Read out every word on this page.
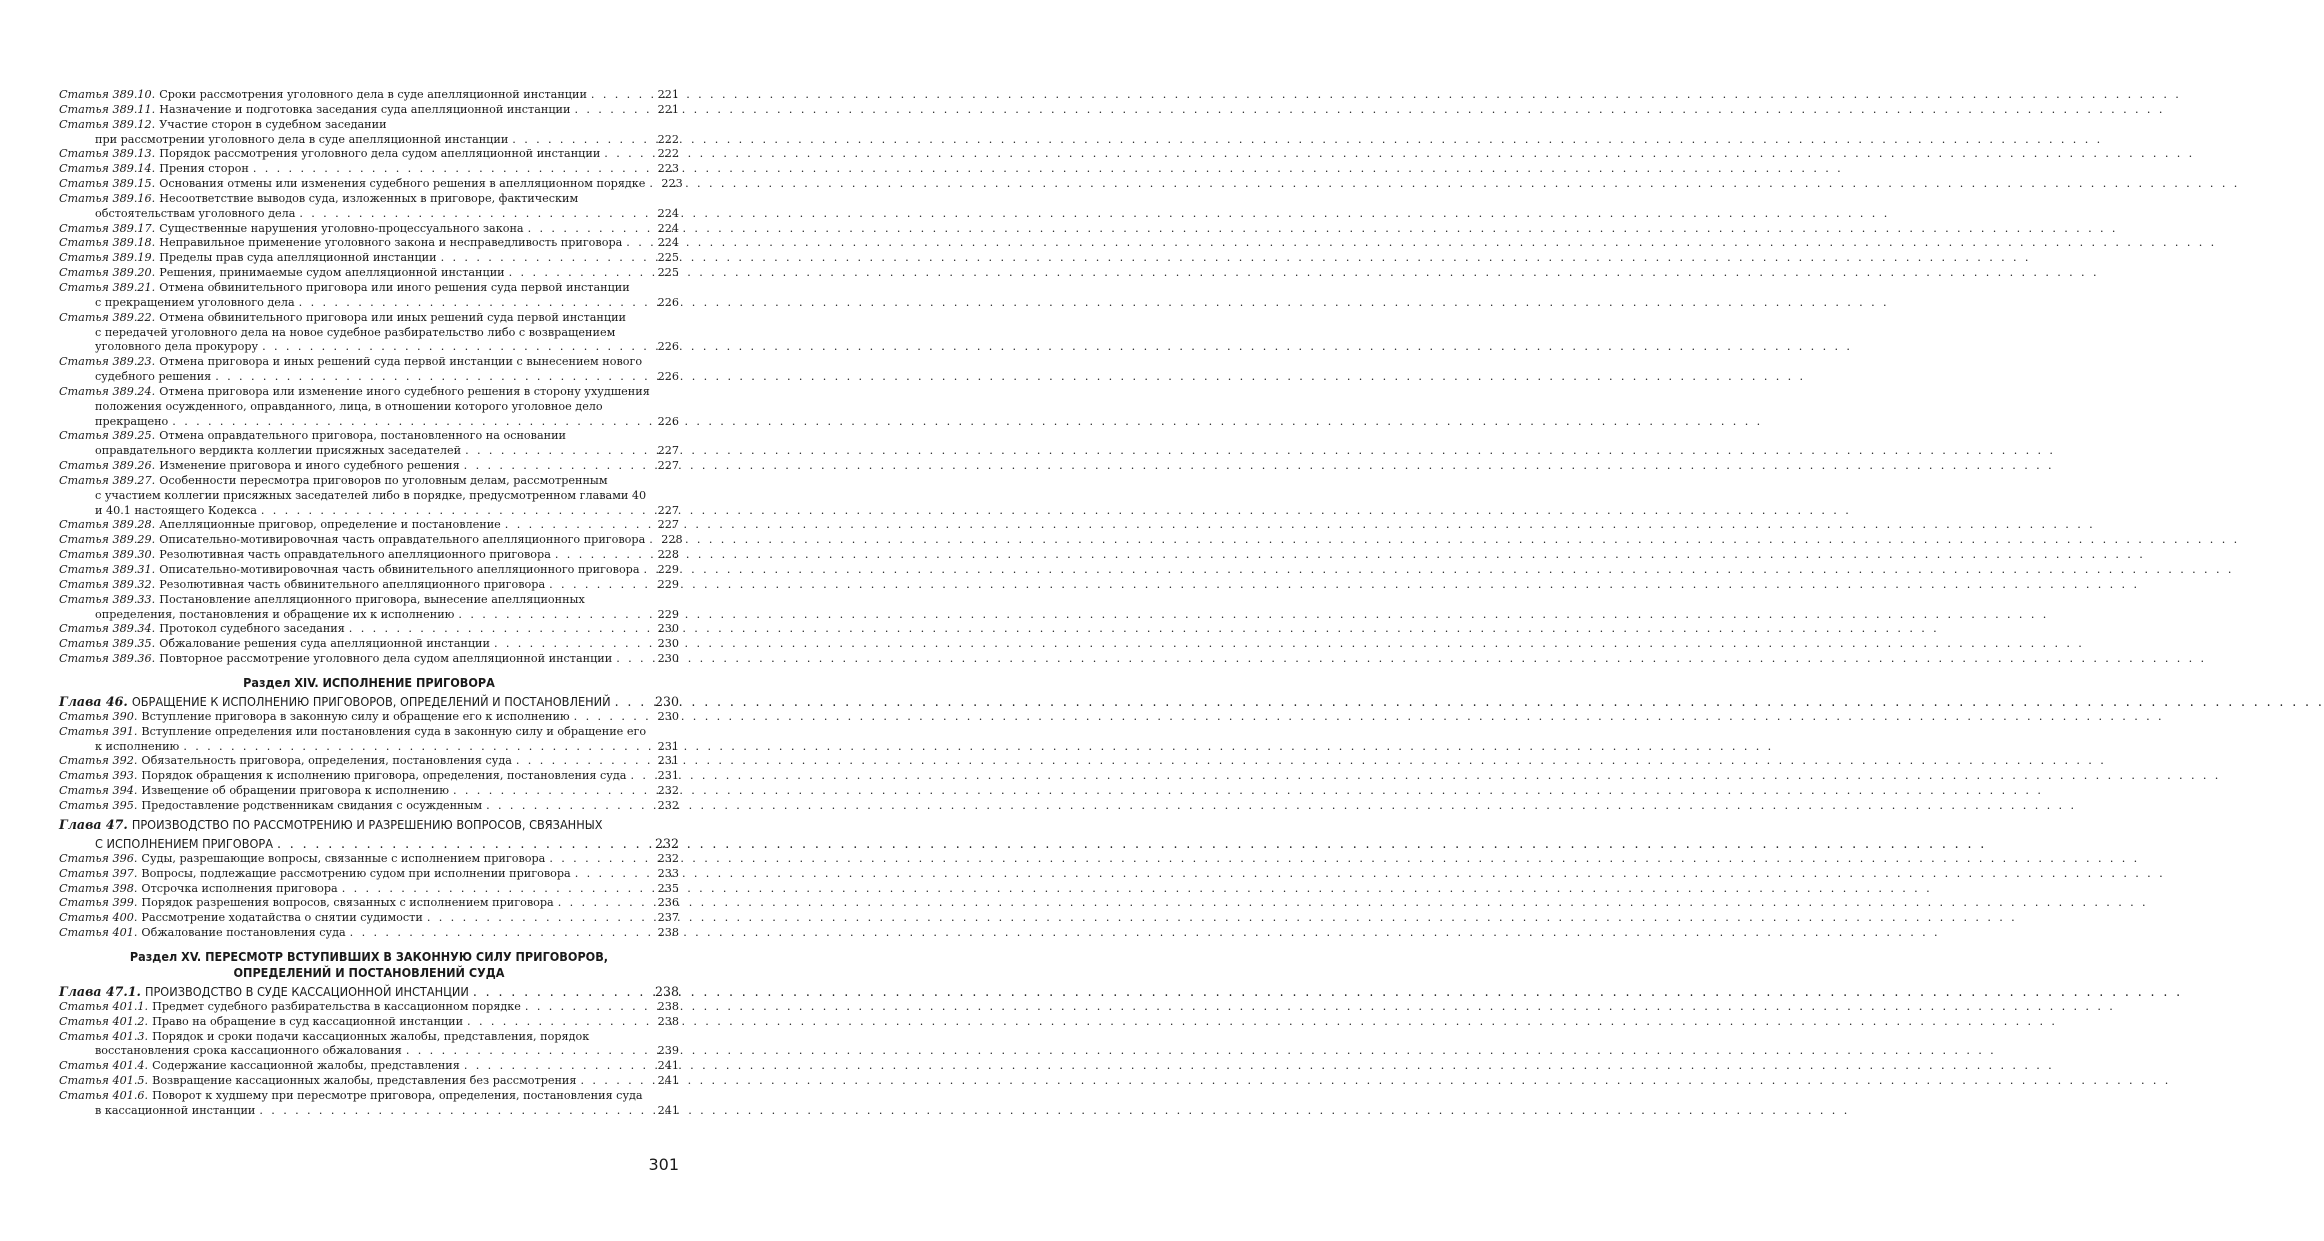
Статья 389.10. Сроки рассмотрения уголовного дела в суде апелляционной инстанции . . .	221
Статья 389.11. Назначение и подготовка заседания суда апелляционной инстанции . . .	221
Статья 389.12. Участие сторон в судебном заседании
при рассмотрении уголовного дела в суде апелляционной инстанции . . .	222
Статья 389.13. Порядок рассмотрения уголовного дела судом апелляционной инстанции . . .	222
Статья 389.14. Прения сторон . . .	223
Статья 389.15. Основания отмены или изменения судебного решения в апелляционном порядке . . . 223
Статья 389.16. Несоответствие выводов суда, изложенных в приговоре, фактическим
обстоятельствам уголовного дела . . .	224
Статья 389.17. Существенные нарушения уголовно-процессуального закона . . .	224
Статья 389.18. Неправильное применение уголовного закона и несправедливость приговора . . .	224
Статья 389.19. Пределы прав суда апелляционной инстанции . . .	225
Статья 389.20. Решения, принимаемые судом апелляционной инстанции . . .	225
Статья 389.21. Отмена обвинительного приговора или иного решения суда первой инстанции
с прекращением уголовного дела . . .	226
Статья 389.22. Отмена обвинительного приговора или иных решений суда первой инстанции
с передачей уголовного дела на новое судебное разбирательство либо с возвращением
уголовного дела прокурору . . .	226
Статья 389.23. Отмена приговора и иных решений суда первой инстанции с вынесением нового
судебного решения . . .	226
Статья 389.24. Отмена приговора или изменение иного судебного решения в сторону ухудшения
положения осужденного, оправданного, лица, в отношении которого уголовное дело
прекращено . . .	226
Статья 389.25. Отмена оправдательного приговора, постановленного на основании
оправдательного вердикта коллегии присяжных заседателей . . .	227
Статья 389.26. Изменение приговора и иного судебного решения . . .	227
Статья 389.27. Особенности пересмотра приговоров по уголовным делам, рассмотренным
с участием коллегии присяжных заседателей либо в порядке, предусмотренном главами 40
и 40.1 настоящего Кодекса . . .	227
Статья 389.28. Апелляционные приговор, определение и постановление . . .	227
Статья 389.29. Описательно-мотивировочная часть оправдательного апелляционного приговора . . . 228
Статья 389.30. Резолютивная часть оправдательного апелляционного приговора . . .	228
Статья 389.31. Описательно-мотивировочная часть обвинительного апелляционного приговора . . . 229
Статья 389.32. Резолютивная часть обвинительного апелляционного приговора . . .	229
Статья 389.33. Постановление апелляционного приговора, вынесение апелляционных
определения, постановления и обращение их к исполнению . . .	229
Статья 389.34. Протокол судебного заседания . . .	230
Статья 389.35. Обжалование решения суда апелляционной инстанции . . .	230
Статья 389.36. Повторное рассмотрение уголовного дела судом апелляционной инстанции . . .	230
Раздел XIV. ИСПОЛНЕНИЕ ПРИГОВОРА
Глава 46. ОБРАЩЕНИЕ К ИСПОЛНЕНИЮ ПРИГОВОРОВ, ОПРЕДЕЛЕНИЙ И ПОСТАНОВЛЕНИЙ . . .	230
Статья 390. Вступление приговора в законную силу и обращение его к исполнению . . .	230
Статья 391. Вступление определения или постановления суда в законную силу и обращение его
к исполнению . . .	231
Статья 392. Обязательность приговора, определения, постановления суда . . .	231
Статья 393. Порядок обращения к исполнению приговора, определения, постановления суда . . .	231
Статья 394. Извещение об обращении приговора к исполнению . . .	232
Статья 395. Предоставление родственникам свидания с осужденным . . .	232
Глава 47. ПРОИЗВОДСТВО ПО РАССМОТРЕНИЮ И РАЗРЕШЕНИЮ ВОПРОСОВ, СВЯЗАННЫХ
С ИСПОЛНЕНИЕМ ПРИГОВОРА . . .	232
Статья 396. Суды, разрешающие вопросы, связанные с исполнением приговора . . .	232
Статья 397. Вопросы, подлежащие рассмотрению судом при исполнении приговора . . .	233
Статья 398. Отсрочка исполнения приговора . . .	235
Статья 399. Порядок разрешения вопросов, связанных с исполнением приговора . . .	236
Статья 400. Рассмотрение ходатайства о снятии судимости . . .	237
Статья 401. Обжалование постановления суда . . .	238
Раздел XV. ПЕРЕСМОТР ВСТУПИВШИХ В ЗАКОННУЮ СИЛУ ПРИГОВОРОВ,
ОПРЕДЕЛЕНИЙ И ПОСТАНОВЛЕНИЙ СУДА
Глава 47.1. ПРОИЗВОДСТВО В СУДЕ КАССАЦИОННОЙ ИНСТАНЦИИ . . .	238
Статья 401.1. Предмет судебного разбирательства в кассационном порядке . . .	238
Статья 401.2. Право на обращение в суд кассационной инстанции . . .	238
Статья 401.3. Порядок и сроки подачи кассационных жалобы, представления, порядок
восстановления срока кассационного обжалования . . .	239
Статья 401.4. Содержание кассационной жалобы, представления . . .	241
Статья 401.5. Возвращение кассационных жалобы, представления без рассмотрения . . .	241
Статья 401.6. Поворот к худшему при пересмотре приговора, определения, постановления суда
в кассационной инстанции . . .	241
301
